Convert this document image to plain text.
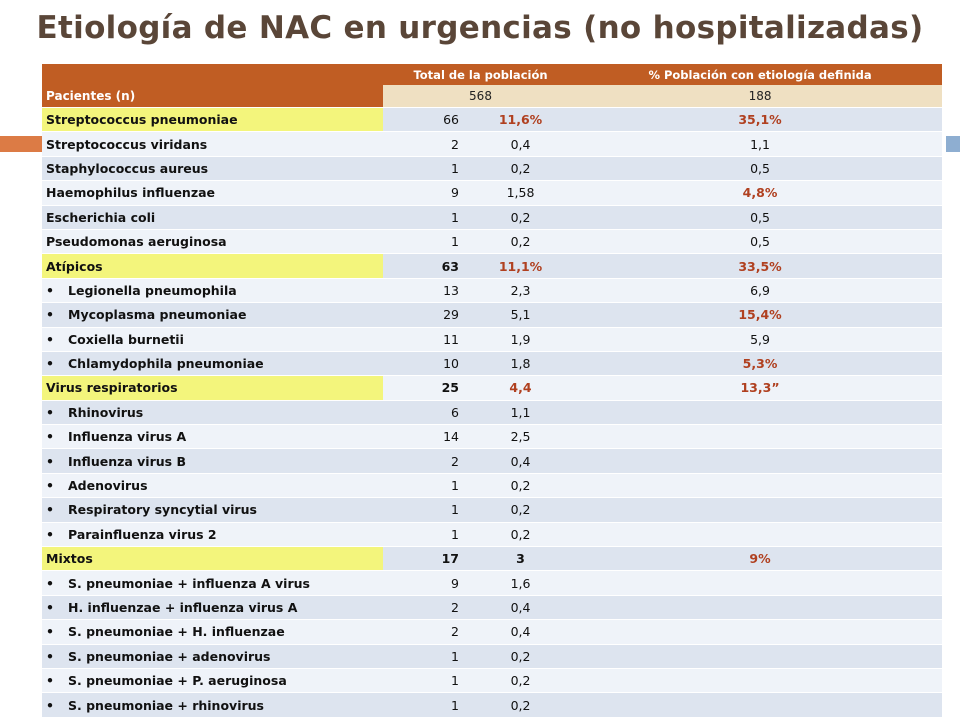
Etiología de NAC en urgencias (no hospitalizadas)
	Total de la población		% Población con etiología definida
Pacientes (n)	568		188
Streptococcus pneumoniae	66	11,6%	35,1%
Streptococcus viridans	2	0,4	1,1
Staphylococcus aureus	1	0,2	0,5
Haemophilus influenzae	9	1,58	4,8%
Escherichia coli	1	0,2	0,5
Pseudomonas aeruginosa	1	0,2	0,5
Atípicos	63	11,1%	33,5%
• Legionella pneumophila	13	2,3	6,9
• Mycoplasma pneumoniae	29	5,1	15,4%
• Coxiella burnetii	11	1,9	5,9
• Chlamydophila pneumoniae	10	1,8	5,3%
Virus respiratorios	25	4,4	13,3”
• Rhinovirus	6	1,1	
• Influenza virus A	14	2,5	
• Influenza virus B	2	0,4	
• Adenovirus	1	0,2	
• Respiratory syncytial virus	1	0,2	
• Parainfluenza virus 2	1	0,2	
Mixtos	17	3	9%
• S. pneumoniae + influenza A virus	9	1,6	
• H. influenzae + influenza virus A	2	0,4	
• S. pneumoniae + H. influenzae	2	0,4	
• S. pneumoniae + adenovirus	1	0,2	
• S. pneumoniae + P. aeruginosa	1	0,2	
• S. pneumoniae + rhinovirus	1	0,2	
